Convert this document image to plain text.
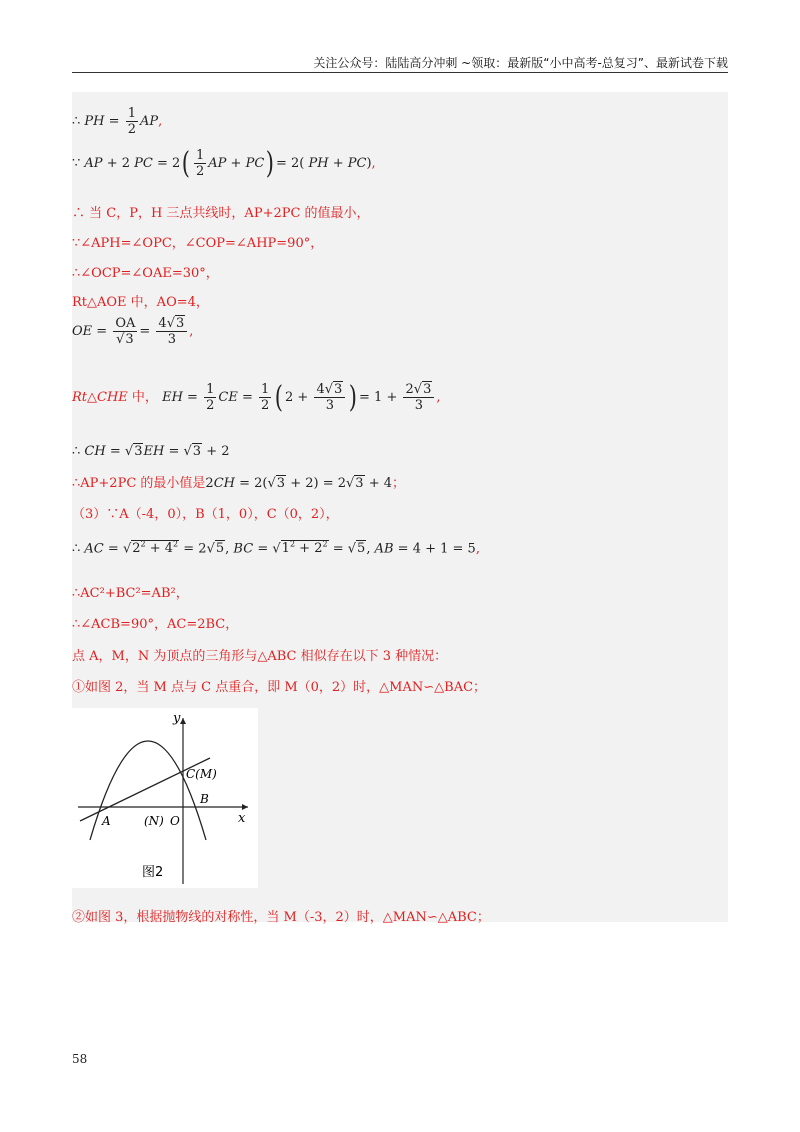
关注公众号：陆陆高分冲刺 ~领取：最新版“小中高考-总复习”、最新试卷下载
∴ PH = $\frac{1}{2}$ AP,
∵ AP + 2 PC = $2( \frac{1}{2}$ AP + PC) = 2( PH + PC),
∴ 当 C，P，H 三点共线时，AP+2PC 的值最小，
∵∠APH=∠OPC，∠COP=∠AHP=90°，
∴∠OCP=∠OAE=30°，
Rt△AOE 中，AO=4，
OE = $\frac{OA}{√3} = \frac{4√3}{3}$ ,
Rt△CHE 中， EH = $\frac{1}{2}$ CE = $\frac{1}{2}$ ( $2 + \frac{4√3}{3}$ ) = $1 + \frac{2√3}{3}$ ,
∴ CH = √3EH = √3 + 2
∴AP+2PC 的最小值是2CH = 2(√3 + 2) = 2√3 + 4；
（3）∵A（-4，0），B（1，0），C（0，2），
∴ AC = $√2^2 + 4^2 = 2√5$, BC = $√1^2 + 2^2 = √5$, AB = 4 + 1 = 5,
∴AC²+BC²=AB²，
∴∠ACB=90°，AC=2BC，
点 A，M，N 为顶点的三角形与△ABC 相似存在以下 3 种情况：
①如图 2，当 M 点与 C 点重合，即 M（0，2）时，△MAN∽△BAC；
y
x
A	(N) O
B
C(M)
图2
②如图 3，根据抛物线的对称性，当 M（-3，2）时，△MAN∽△ABC；
58
